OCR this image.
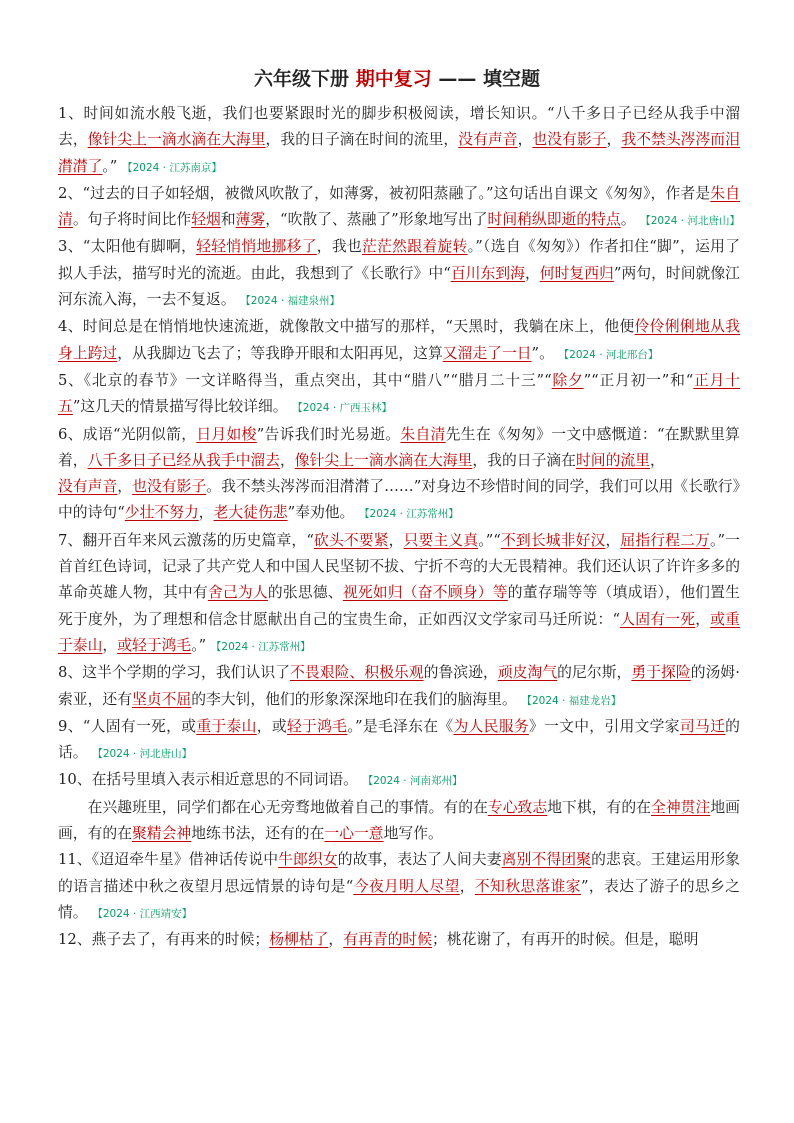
六年级下册 期中复习 —— 填空题

1、时间如流水般飞逝，我们也要紧跟时光的脚步积极阅读，增长知识。“八千多日子已经从我手中溜去，像针尖上一滴水滴在大海里，我的日子滴在时间的流里，没有声音，也没有影子，我不禁头涔涔而泪潸潸了。” 【2024 · 江苏南京】

2、“过去的日子如轻烟，被微风吹散了，如薄雾，被初阳蒸融了。”这句话出自课文《匆匆》，作者是朱自清。句子将时间比作轻烟和薄雾，“吹散了、蒸融了”形象地写出了时间稍纵即逝的特点。 【2024 · 河北唐山】

3、“太阳他有脚啊，轻轻悄悄地挪移了，我也茫茫然跟着旋转。”（选自《匆匆》）作者扣住“脚”，运用了拟人手法，描写时光的流逝。由此，我想到了《长歌行》中“百川东到海，何时复西归”两句，时间就像江河东流入海，一去不复返。 【2024 · 福建泉州】

4、时间总是在悄悄地快速流逝，就像散文中描写的那样，“天黑时，我躺在床上，他便伶伶俐俐地从我身上跨过，从我脚边飞去了；等我睁开眼和太阳再见，这算又溜走了一日”。 【2024 · 河北邢台】

5、《北京的春节》一文详略得当，重点突出，其中“腊八”“腊月二十三”“除夕”“正月初一”和“正月十五”这几天的情景描写得比较详细。 【2024 · 广西玉林】

6、成语“光阴似箭，日月如梭”告诉我们时光易逝。朱自清先生在《匆匆》一文中感慨道：“在默默里算着，八千多日子已经从我手中溜去，像针尖上一滴水滴在大海里，我的日子滴在时间的流里，
没有声音，也没有影子。我不禁头涔涔而泪潸潸了……”对身边不珍惜时间的同学，我们可以用《长歌行》中的诗句“少壮不努力，老大徒伤悲”奉劝他。 【2024 · 江苏常州】

7、翻开百年来风云激荡的历史篇章，“砍头不要紧，只要主义真。”“不到长城非好汉，屈指行程二万。”一首首红色诗词，记录了共产党人和中国人民坚韧不拔、宁折不弯的大无畏精神。我们还认识了许许多多的革命英雄人物，其中有舍己为人的张思德、视死如归（奋不顾身）等的董存瑞等等（填成语），他们置生死于度外，为了理想和信念甘愿献出自己的宝贵生命，正如西汉文学家司马迁所说：“人固有一死，或重于泰山，或轻于鸿毛。” 【2024 · 江苏常州】

8、这半个学期的学习，我们认识了不畏艰险、积极乐观的鲁滨逊，顽皮淘气的尼尔斯，勇于探险的汤姆·索亚，还有坚贞不屈的李大钊，他们的形象深深地印在我们的脑海里。 【2024 · 福建龙岩】

9、“人固有一死，或重于泰山，或轻于鸿毛。”是毛泽东在《为人民服务》一文中，引用文学家司马迁的话。 【2024 · 河北唐山】

10、在括号里填入表示相近意思的不同词语。 【2024 · 河南郑州】

在兴趣班里，同学们都在心无旁骛地做着自己的事情。有的在专心致志地下棋，有的在全神贯注地画画，有的在聚精会神地练书法，还有的在一心一意地写作。

11、《迢迢牵牛星》借神话传说中牛郎织女的故事，表达了人间夫妻离别不得团聚的悲哀。王建运用形象的语言描述中秋之夜望月思远情景的诗句是“今夜月明人尽望，不知秋思落谁家”，表达了游子的思乡之情。 【2024 · 江西靖安】

12、燕子去了，有再来的时候；杨柳枯了，有再青的时候；桃花谢了，有再开的时候。但是，聪明
